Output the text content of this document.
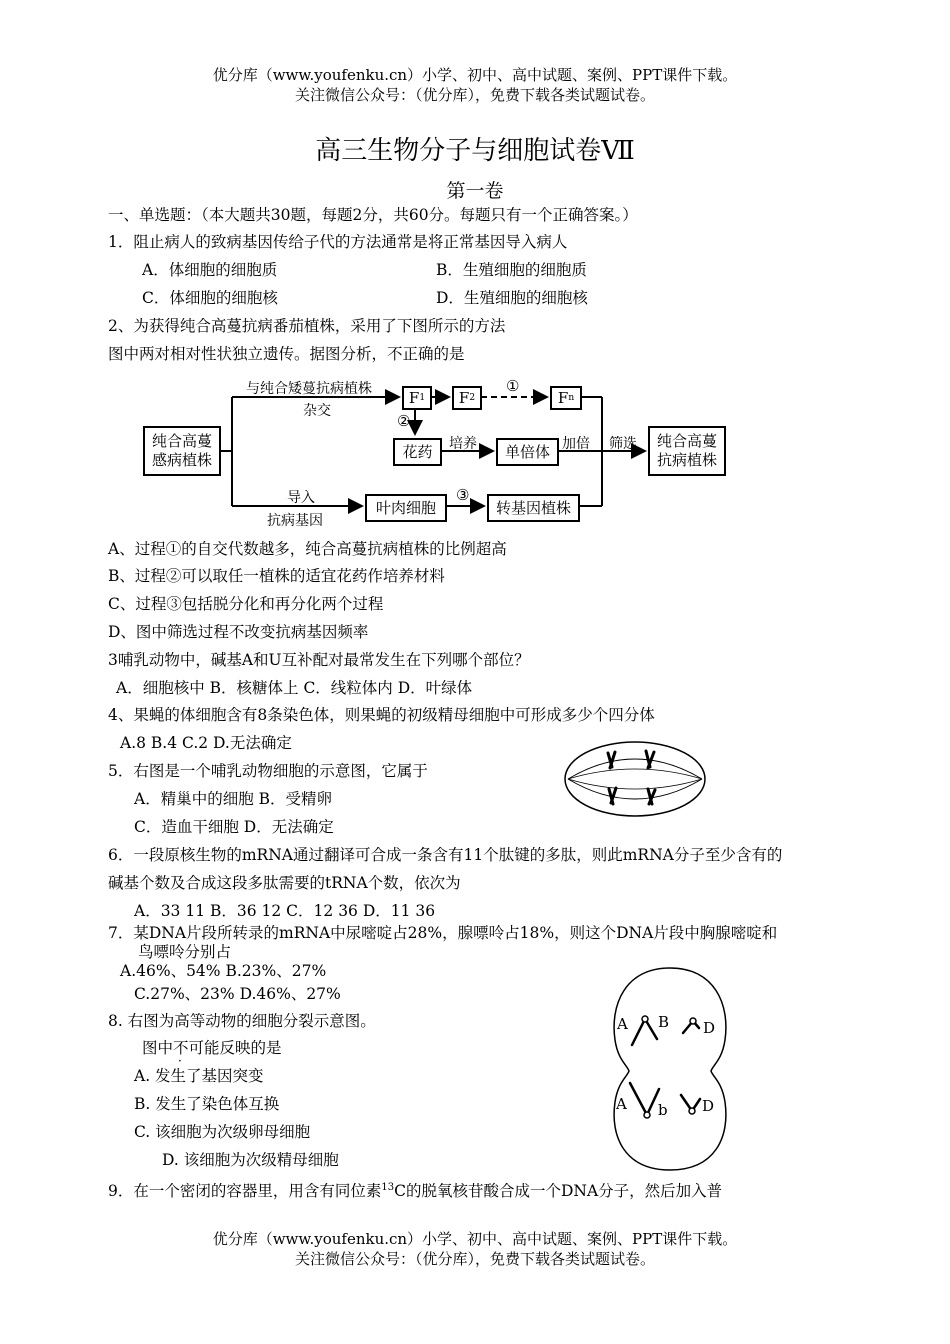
优分库（www.youfenku.cn）小学、初中、高中试题、案例、PPT课件下载。
关注微信公众号：（优分库），免费下载各类试题试卷。
高三生物分子与细胞试卷Ⅶ
第一卷
一、单选题：（本大题共30题，每题2分，共60分。每题只有一个正确答案。）
1．阻止病人的致病基因传给子代的方法通常是将正常基因导入病人
A．体细胞的细胞质	B．生殖细胞的细胞质
C．体细胞的细胞核	D．生殖细胞的细胞核
2、为获得纯合高蔓抗病番茄植株，采用了下图所示的方法
图中两对相对性状独立遗传。据图分析，不正确的是
纯合高蔓
感病植株
与纯合矮蔓抗病植株
杂交
F 1 F 2	F n
①
②
③
花药 培养 单倍体 加倍 筛选 纯合高蔓
抗病植株
导入
抗病基因
叶肉细胞	转基因植株
A、过程①的自交代数越多，纯合高蔓抗病植株的比例超高
B、过程②可以取任一植株的适宜花药作培养材料
C、过程③包括脱分化和再分化两个过程
D、图中筛选过程不改变抗病基因频率
3哺乳动物中，碱基A和U互补配对最常发生在下列哪个部位？
A．细胞核中 B．核糖体上 C．线粒体内 D．叶绿体
4、果蝇的体细胞含有8条染色体，则果蝇的初级精母细胞中可形成多少个四分体
A.8 B.4 C.2 D.无法确定
5．右图是一个哺乳动物细胞的示意图，它属于
A．精巢中的细胞 B．受精卵
C．造血干细胞 D．无法确定
6．一段原核生物的mRNA通过翻译可合成一条含有11个肽键的多肽，则此mRNA分子至少含有的
碱基个数及合成这段多肽需要的tRNA个数，依次为
A．33 11 B．36 12 C．12 36 D．11 36
7．某DNA片段所转录的mRNA中尿嘧啶占28%，腺嘌呤占18%，则这个DNA片段中胸腺嘧啶和
鸟嘌呤分别占
A.46%、54% B.23%、27%
C.27%、23% D.46%、27%
8. 右图为高等动物的细胞分裂示意图。
图中不
·
可能反映的是
A. 发生了基因突变
B. 发生了染色体互换
C. 该细胞为次级卵母细胞
D. 该细胞为次级精母细胞
A B D
A b D
9．在一个密闭的容器里，用含有同位素$^{13}$C的脱氧核苷酸合成一个DNA分子，然后加入普
优分库（www.youfenku.cn）小学、初中、高中试题、案例、PPT课件下载。
关注微信公众号：（优分库），免费下载各类试题试卷。
